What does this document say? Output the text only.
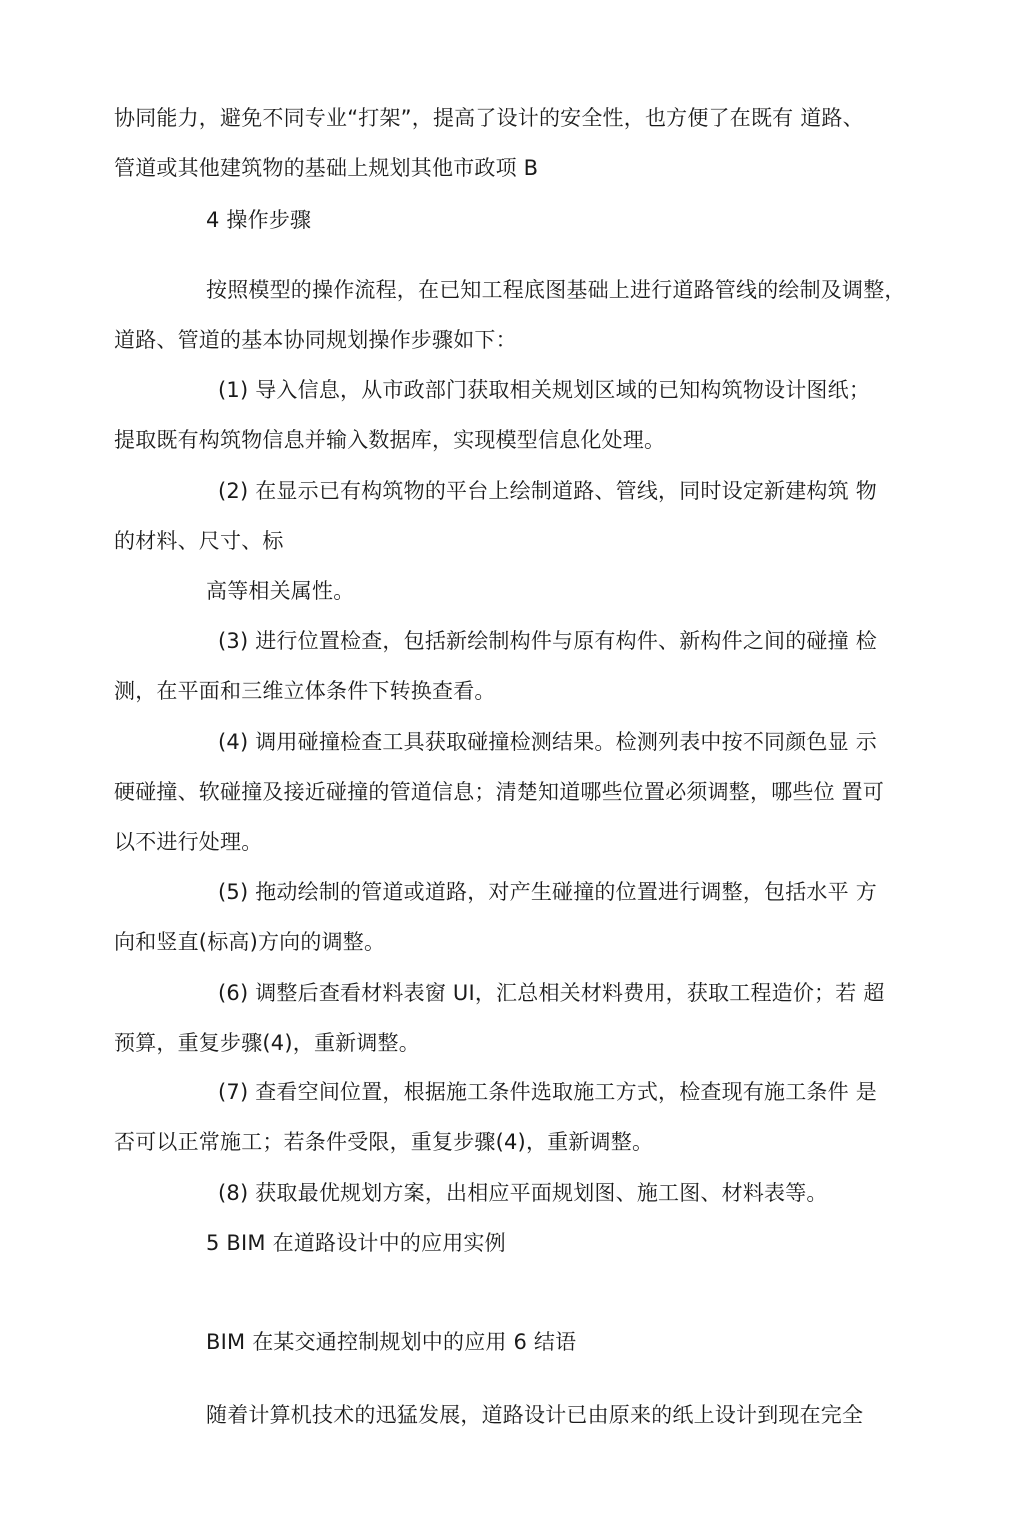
协同能力，避免不同专业“打架”，提高了设计的安全性，也方便了在既有 道路、
管道或其他建筑物的基础上规划其他市政项 B
4 操作步骤
按照模型的操作流程，在已知工程底图基础上进行道路管线的绘制及调整，
道路、管道的基本协同规划操作步骤如下：
(1) 导入信息，从市政部门获取相关规划区域的已知构筑物设计图纸；
提取既有构筑物信息并输入数据库，实现模型信息化处理。
(2) 在显示已有构筑物的平台上绘制道路、管线，同时设定新建构筑 物
的材料、尺寸、标
高等相关属性。
(3) 进行位置检查，包括新绘制构件与原有构件、新构件之间的碰撞 检
测，在平面和三维立体条件下转换查看。
(4) 调用碰撞检查工具获取碰撞检测结果。检测列表中按不同颜色显 示
硬碰撞、软碰撞及接近碰撞的管道信息；清楚知道哪些位置必须调整，哪些位 置可
以不进行处理。
(5) 拖动绘制的管道或道路，对产生碰撞的位置进行调整，包括水平 方
向和竖直(标高)方向的调整。
(6) 调整后查看材料表窗 UI，汇总相关材料费用，获取工程造价；若 超
预算，重复步骤(4)，重新调整。
(7) 查看空间位置，根据施工条件选取施工方式，检查现有施工条件 是
否可以正常施工；若条件受限，重复步骤(4)，重新调整。
(8) 获取最优规划方案，出相应平面规划图、施工图、材料表等。
5 BIM 在道路设计中的应用实例
BIM 在某交通控制规划中的应用 6 结语
随着计算机技术的迅猛发展，道路设计已由原来的纸上设计到现在完全
